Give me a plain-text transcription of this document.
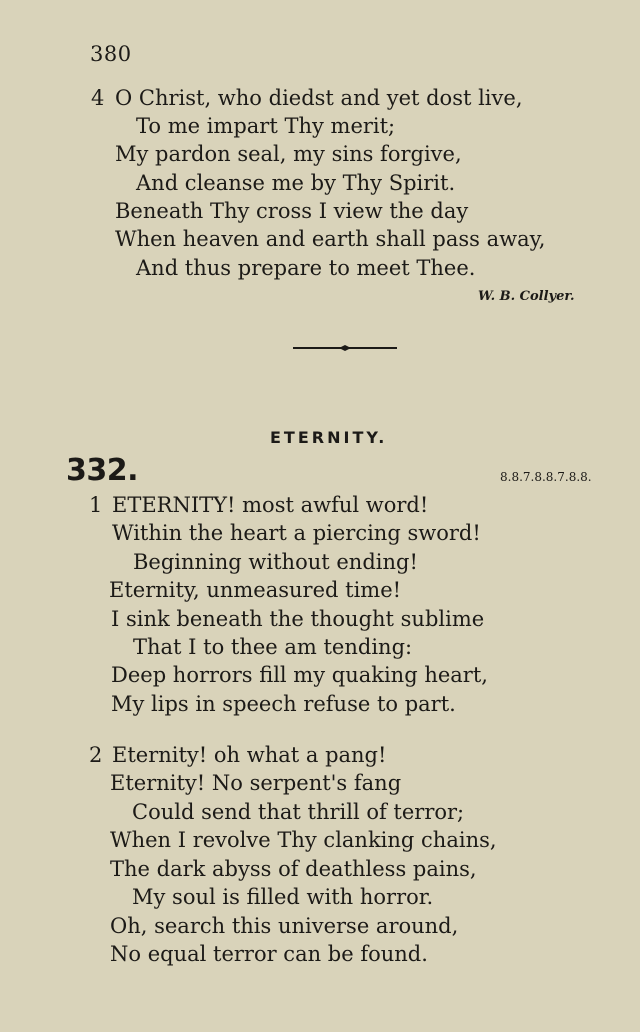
380
4 O Christ, who diedst and yet dost live,
To me impart Thy merit;
My pardon seal, my sins forgive,
And cleanse me by Thy Spirit.
Beneath Thy cross I view the day
When heaven and earth shall pass away,
And thus prepare to meet Thee.
W. B. Collyer.
ETERNITY.
332.	8.8.7.8.8.7.8.8.
1 ETERNITY! most awful word!
Within the heart a piercing sword!
Beginning without ending!
Eternity, unmeasured time!
I sink beneath the thought sublime
That I to thee am tending:
Deep horrors fill my quaking heart,
My lips in speech refuse to part.
2 Eternity! oh what a pang!
Eternity! No serpent's fang
Could send that thrill of terror;
When I revolve Thy clanking chains,
The dark abyss of deathless pains,
My soul is filled with horror.
Oh, search this universe around,
No equal terror can be found.
